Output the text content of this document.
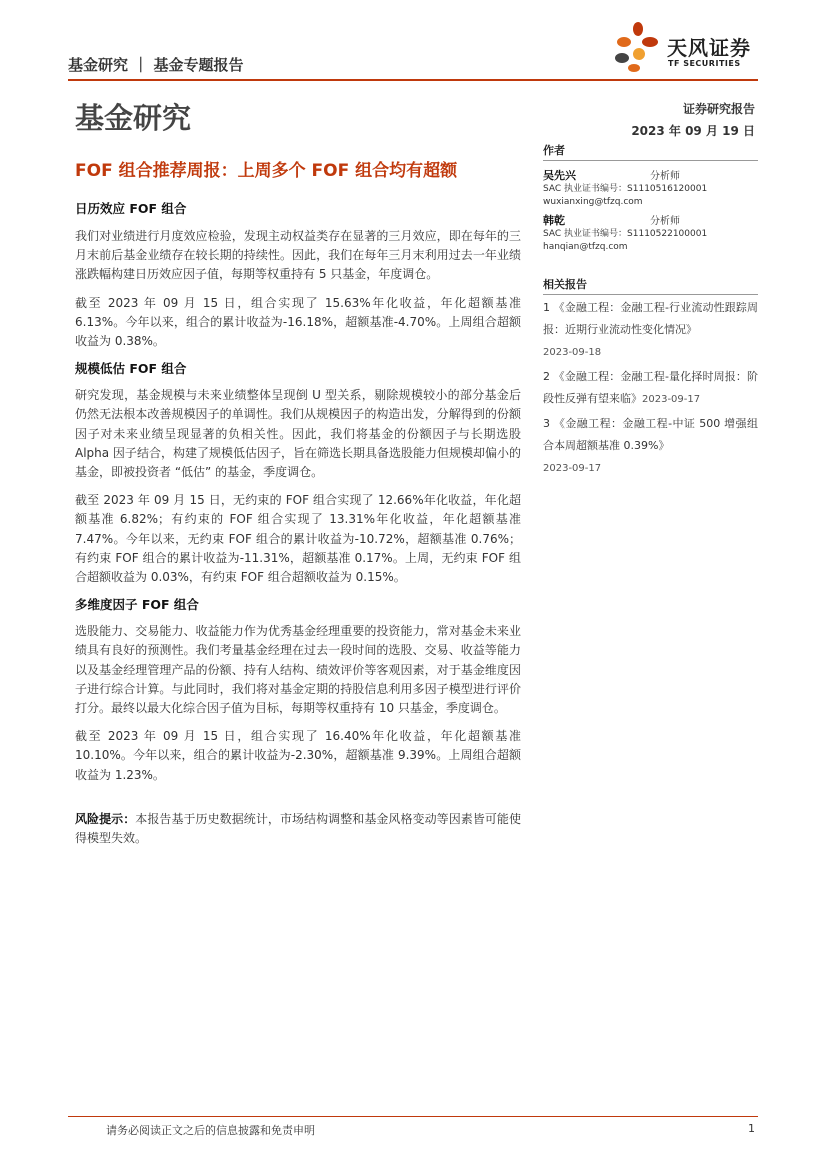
基金研究 ｜ 基金专题报告
天风证券
TF SECURITIES
基金研究	证券研究报告
2023 年 09 月 19 日
FOF 组合推荐周报：上周多个 FOF 组合均有超额
日历效应 FOF 组合

我们对业绩进行月度效应检验，发现主动权益类存在显著的三月效应，即在每年的三月末前后基金业绩存在较长期的持续性。因此，我们在每年三月末利用过去一年业绩涨跌幅构建日历效应因子值，每期等权重持有 5 只基金，年度调仓。

截至 2023 年 09 月 15 日，组合实现了 15.63%年化收益，年化超额基准 6.13%。今年以来，组合的累计收益为-16.18%，超额基准-4.70%。上周组合超额收益为 0.38%。

规模低估 FOF 组合

研究发现，基金规模与未来业绩整体呈现倒 U 型关系，剔除规模较小的部分基金后仍然无法根本改善规模因子的单调性。我们从规模因子的构造出发，分解得到的份额因子对未来业绩呈现显著的负相关性。因此，我们将基金的份额因子与长期选股 Alpha 因子结合，构建了规模低估因子，旨在筛选长期具备选股能力但规模却偏小的基金，即被投资者 “低估” 的基金，季度调仓。

截至 2023 年 09 月 15 日，无约束的 FOF 组合实现了 12.66%年化收益，年化超额基准 6.82%；有约束的 FOF 组合实现了 13.31%年化收益，年化超额基准 7.47%。今年以来，无约束 FOF 组合的累计收益为-10.72%，超额基准 0.76%；有约束 FOF 组合的累计收益为-11.31%，超额基准 0.17%。上周，无约束 FOF 组合超额收益为 0.03%，有约束 FOF 组合超额收益为 0.15%。

多维度因子 FOF 组合

选股能力、交易能力、收益能力作为优秀基金经理重要的投资能力，常对基金未来业绩具有良好的预测性。我们考量基金经理在过去一段时间的选股、交易、收益等能力以及基金经理管理产品的份额、持有人结构、绩效评价等客观因素，对于基金维度因子进行综合计算。与此同时，我们将对基金定期的持股信息利用多因子模型进行评价打分。最终以最大化综合因子值为目标，每期等权重持有 10 只基金，季度调仓。

截至 2023 年 09 月 15 日，组合实现了 16.40%年化收益，年化超额基准 10.10%。今年以来，组合的累计收益为-2.30%，超额基准 9.39%。上周组合超额收益为 1.23%。

风险提示：本报告基于历史数据统计，市场结构调整和基金风格变动等因素皆可能使得模型失效。

作者
吴先兴	分析师
SAC 执业证书编号：S1110516120001
wuxianxing@tfzq.com
韩乾	分析师
SAC 执业证书编号：S1110522100001
hanqian@tfzq.com
相关报告
1 《金融工程：金融工程-行业流动性跟踪周报：近期行业流动性变化情况》
2023-09-18
2 《金融工程：金融工程-量化择时周报：阶段性反弹有望来临》2023-09-17
3 《金融工程：金融工程-中证 500 增强组合本周超额基准 0.39%》
2023-09-17
请务必阅读正文之后的信息披露和免责申明	1
